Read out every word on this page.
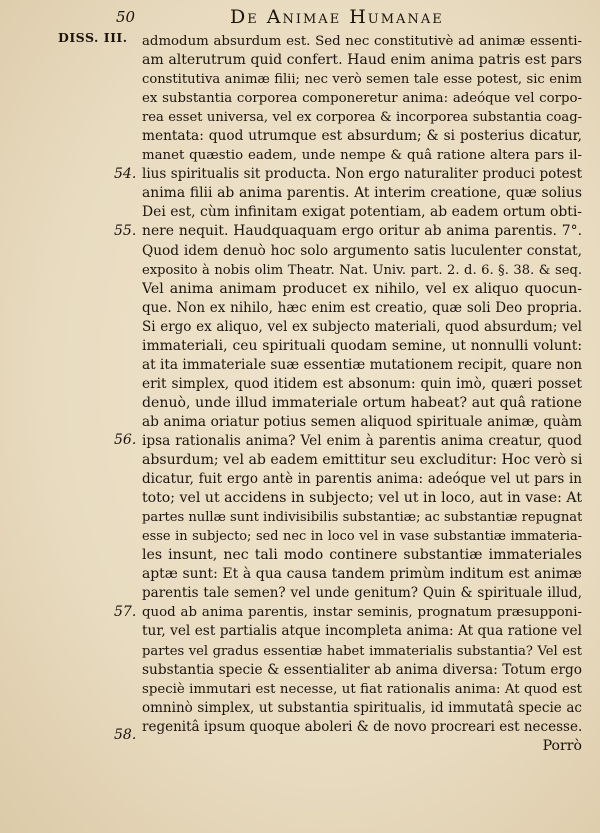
50	De Animae Humanae
DISS. III.
54.
55.
56.
57.
58.
admodum absurdum est. Sed nec constitutivè ad animæ essenti-
am alterutrum quid confert. Haud enim anima patris est pars
constitutiva animæ filii; nec verò semen tale esse potest, sic enim
ex substantia corporea componeretur anima: adeóque vel corpo-
rea esset universa, vel ex corporea & incorporea substantia coag-
mentata: quod utrumque est absurdum; & si posterius dicatur,
manet quæstio eadem, unde nempe & quâ ratione altera pars il-
lius spiritualis sit producta. Non ergo naturaliter produci potest
anima filii ab anima parentis. At interim creatione, quæ solius
Dei est, cùm infinitam exigat potentiam, ab eadem ortum obti-
nere nequit. Haudquaquam ergo oritur ab anima parentis. 7°.
Quod idem denuò hoc solo argumento satis luculenter constat,
exposito à nobis olim Theatr. Nat. Univ. part. 2. d. 6. §. 38. & seq.
Vel anima animam producet ex nihilo, vel ex aliquo quocun-
que. Non ex nihilo, hæc enim est creatio, quæ soli Deo propria.
Si ergo ex aliquo, vel ex subjecto materiali, quod absurdum; vel
immateriali, ceu spirituali quodam semine, ut nonnulli volunt:
at ita immateriale suæ essentiæ mutationem recipit, quare non
erit simplex, quod itidem est absonum: quin imò, quæri posset
denuò, unde illud immateriale ortum habeat? aut quâ ratione
ab anima oriatur potius semen aliquod spirituale animæ, quàm
ipsa rationalis anima? Vel enim à parentis anima creatur, quod
absurdum; vel ab eadem emittitur seu excluditur: Hoc verò si
dicatur, fuit ergo antè in parentis anima: adeóque vel ut pars in
toto; vel ut accidens in subjecto; vel ut in loco, aut in vase: At
partes nullæ sunt indivisibilis substantiæ; ac substantiæ repugnat
esse in subjecto; sed nec in loco vel in vase substantiæ immateria-
les insunt, nec tali modo continere substantiæ immateriales
aptæ sunt: Et à qua causa tandem primùm inditum est animæ
parentis tale semen? vel unde genitum? Quin & spirituale illud,
quod ab anima parentis, instar seminis, prognatum præsupponi-
tur, vel est partialis atque incompleta anima: At qua ratione vel
partes vel gradus essentiæ habet immaterialis substantia? Vel est
substantia specie & essentialiter ab anima diversa: Totum ergo
speciè immutari est necesse, ut fiat rationalis anima: At quod est
omninò simplex, ut substantia spiritualis, id immutatâ specie ac
regenitâ ipsum quoque aboleri & de novo procreari est necesse.
Porrò
